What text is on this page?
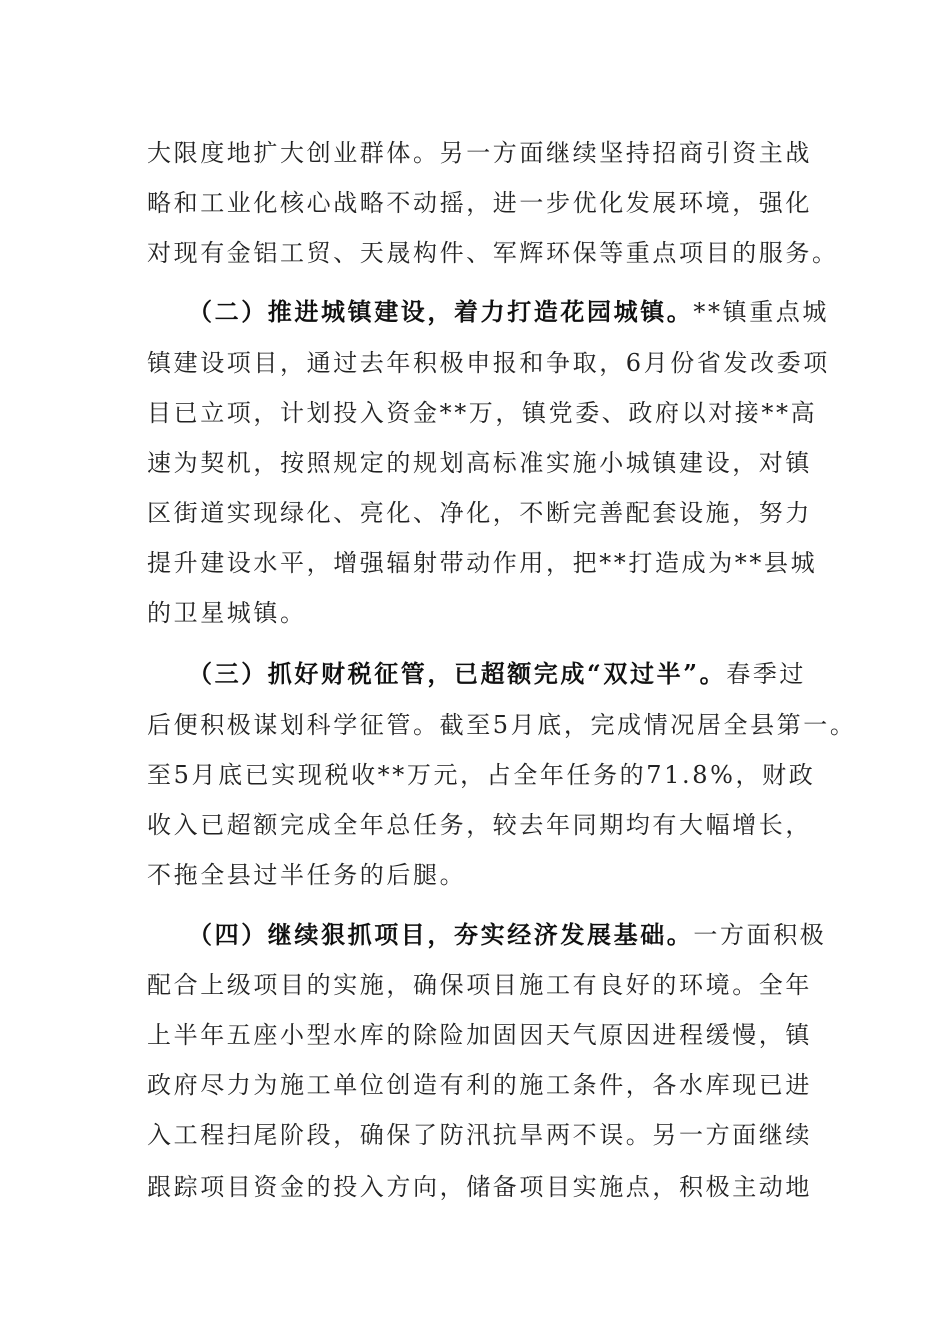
大限度地扩大创业群体。另一方面继续坚持招商引资主战
略和工业化核心战略不动摇，进一步优化发展环境，强化
对现有金铝工贸、天晟构件、军辉环保等重点项目的服务。
（二）推进城镇建设，着力打造花园城镇。**镇重点城
镇建设项目，通过去年积极申报和争取，6月份省发改委项
目已立项，计划投入资金**万，镇党委、政府以对接**高
速为契机，按照规定的规划高标准实施小城镇建设，对镇
区街道实现绿化、亮化、净化，不断完善配套设施，努力
提升建设水平，增强辐射带动作用，把**打造成为**县城
的卫星城镇。
（三）抓好财税征管，已超额完成“双过半”。春季过
后便积极谋划科学征管。截至5月底，完成情况居全县第一。
至5月底已实现税收**万元，占全年任务的71.8%，财政
收入已超额完成全年总任务，较去年同期均有大幅增长，
不拖全县过半任务的后腿。
（四）继续狠抓项目，夯实经济发展基础。一方面积极
配合上级项目的实施，确保项目施工有良好的环境。全年
上半年五座小型水库的除险加固因天气原因进程缓慢，镇
政府尽力为施工单位创造有利的施工条件，各水库现已进
入工程扫尾阶段，确保了防汛抗旱两不误。另一方面继续
跟踪项目资金的投入方向，储备项目实施点，积极主动地
